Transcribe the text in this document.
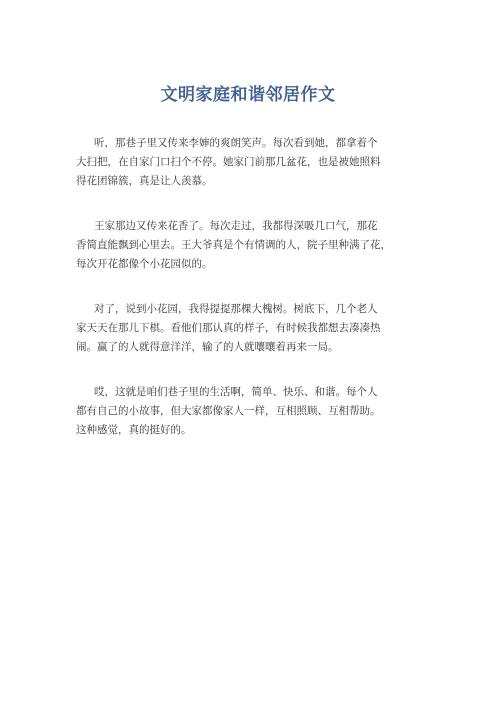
文明家庭和谐邻居作文

听，那巷子里又传来李婶的爽朗笑声。每次看到她，都拿着个
大扫把，在自家门口扫个不停。她家门前那几盆花，也是被她照料
得花团锦簇，真是让人羡慕。

王家那边又传来花香了。每次走过，我都得深吸几口气，那花
香简直能飘到心里去。王大爷真是个有情调的人，院子里种满了花，
每次开花都像个小花园似的。

对了，说到小花园，我得提提那棵大槐树。树底下，几个老人
家天天在那儿下棋。看他们那认真的样子，有时候我都想去凑凑热
闹。赢了的人就得意洋洋，输了的人就嚷嚷着再来一局。

哎，这就是咱们巷子里的生活啊，简单、快乐、和谐。每个人
都有自己的小故事，但大家都像家人一样，互相照顾、互相帮助。
这种感觉，真的挺好的。
